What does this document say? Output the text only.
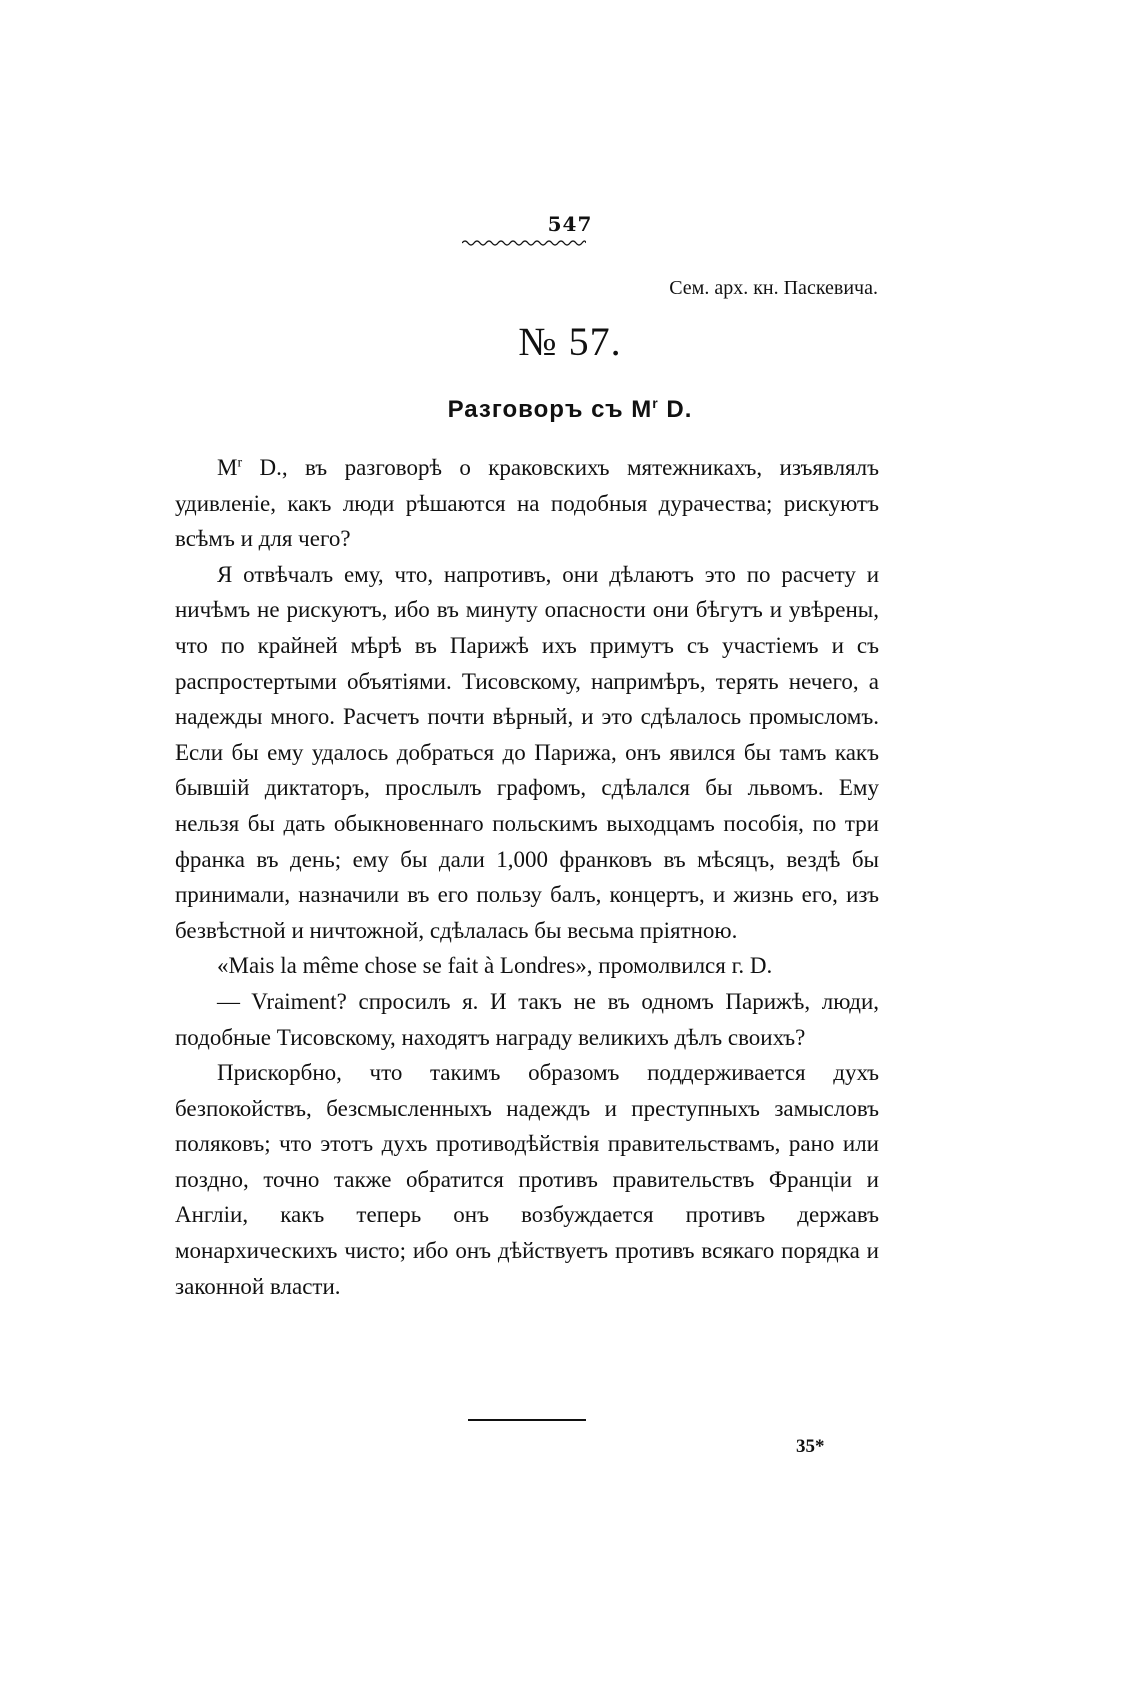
547
Сем. арх. кн. Паскевича.
№ 57.
Разговоръ съ $М^r$ D.

$M^r$ D., въ разговорѣ о краковскихъ мятежникахъ, изъявлялъ удивленіе, какъ люди рѣшаются на подобныя дурачества; рискуютъ всѣмъ и для чего?

Я отвѣчалъ ему, что, напротивъ, они дѣлаютъ это по расчету и ничѣмъ не рискуютъ, ибо въ минуту опасности они бѣгутъ и увѣрены, что по крайней мѣрѣ въ Парижѣ ихъ примутъ съ участіемъ и съ распростертыми объятіями. Тисовскому, напримѣръ, терять нечего, а надежды много. Расчетъ почти вѣрный, и это сдѣлалось промысломъ. Если бы ему удалось добраться до Парижа, онъ явился бы тамъ какъ бывшій диктаторъ, прослылъ графомъ, сдѣлался бы львомъ. Ему нельзя бы дать обыкновеннаго польскимъ выходцамъ пособія, по три франка въ день; ему бы дали 1,000 франковъ въ мѣсяцъ, вездѣ бы принимали, назначили въ его пользу балъ, концертъ, и жизнь его, изъ безвѣстной и ничтожной, сдѣлалась бы весьма пріятною.

«Mais la même chose se fait à Londres», промолвился г. D.

— Vraiment? спросилъ я. И такъ не въ одномъ Парижѣ, люди, подобные Тисовскому, находятъ награду великихъ дѣлъ своихъ?

Прискорбно, что такимъ образомъ поддерживается духъ безпокойствъ, безсмысленныхъ надеждъ и преступныхъ замысловъ поляковъ; что этотъ духъ противодѣйствія правительствамъ, рано или поздно, точно также обратится противъ правительствъ Франціи и Англіи, какъ теперь онъ возбуждается противъ державъ монархическихъ чисто; ибо онъ дѣйствуетъ противъ всякаго порядка и законной власти.

35*
